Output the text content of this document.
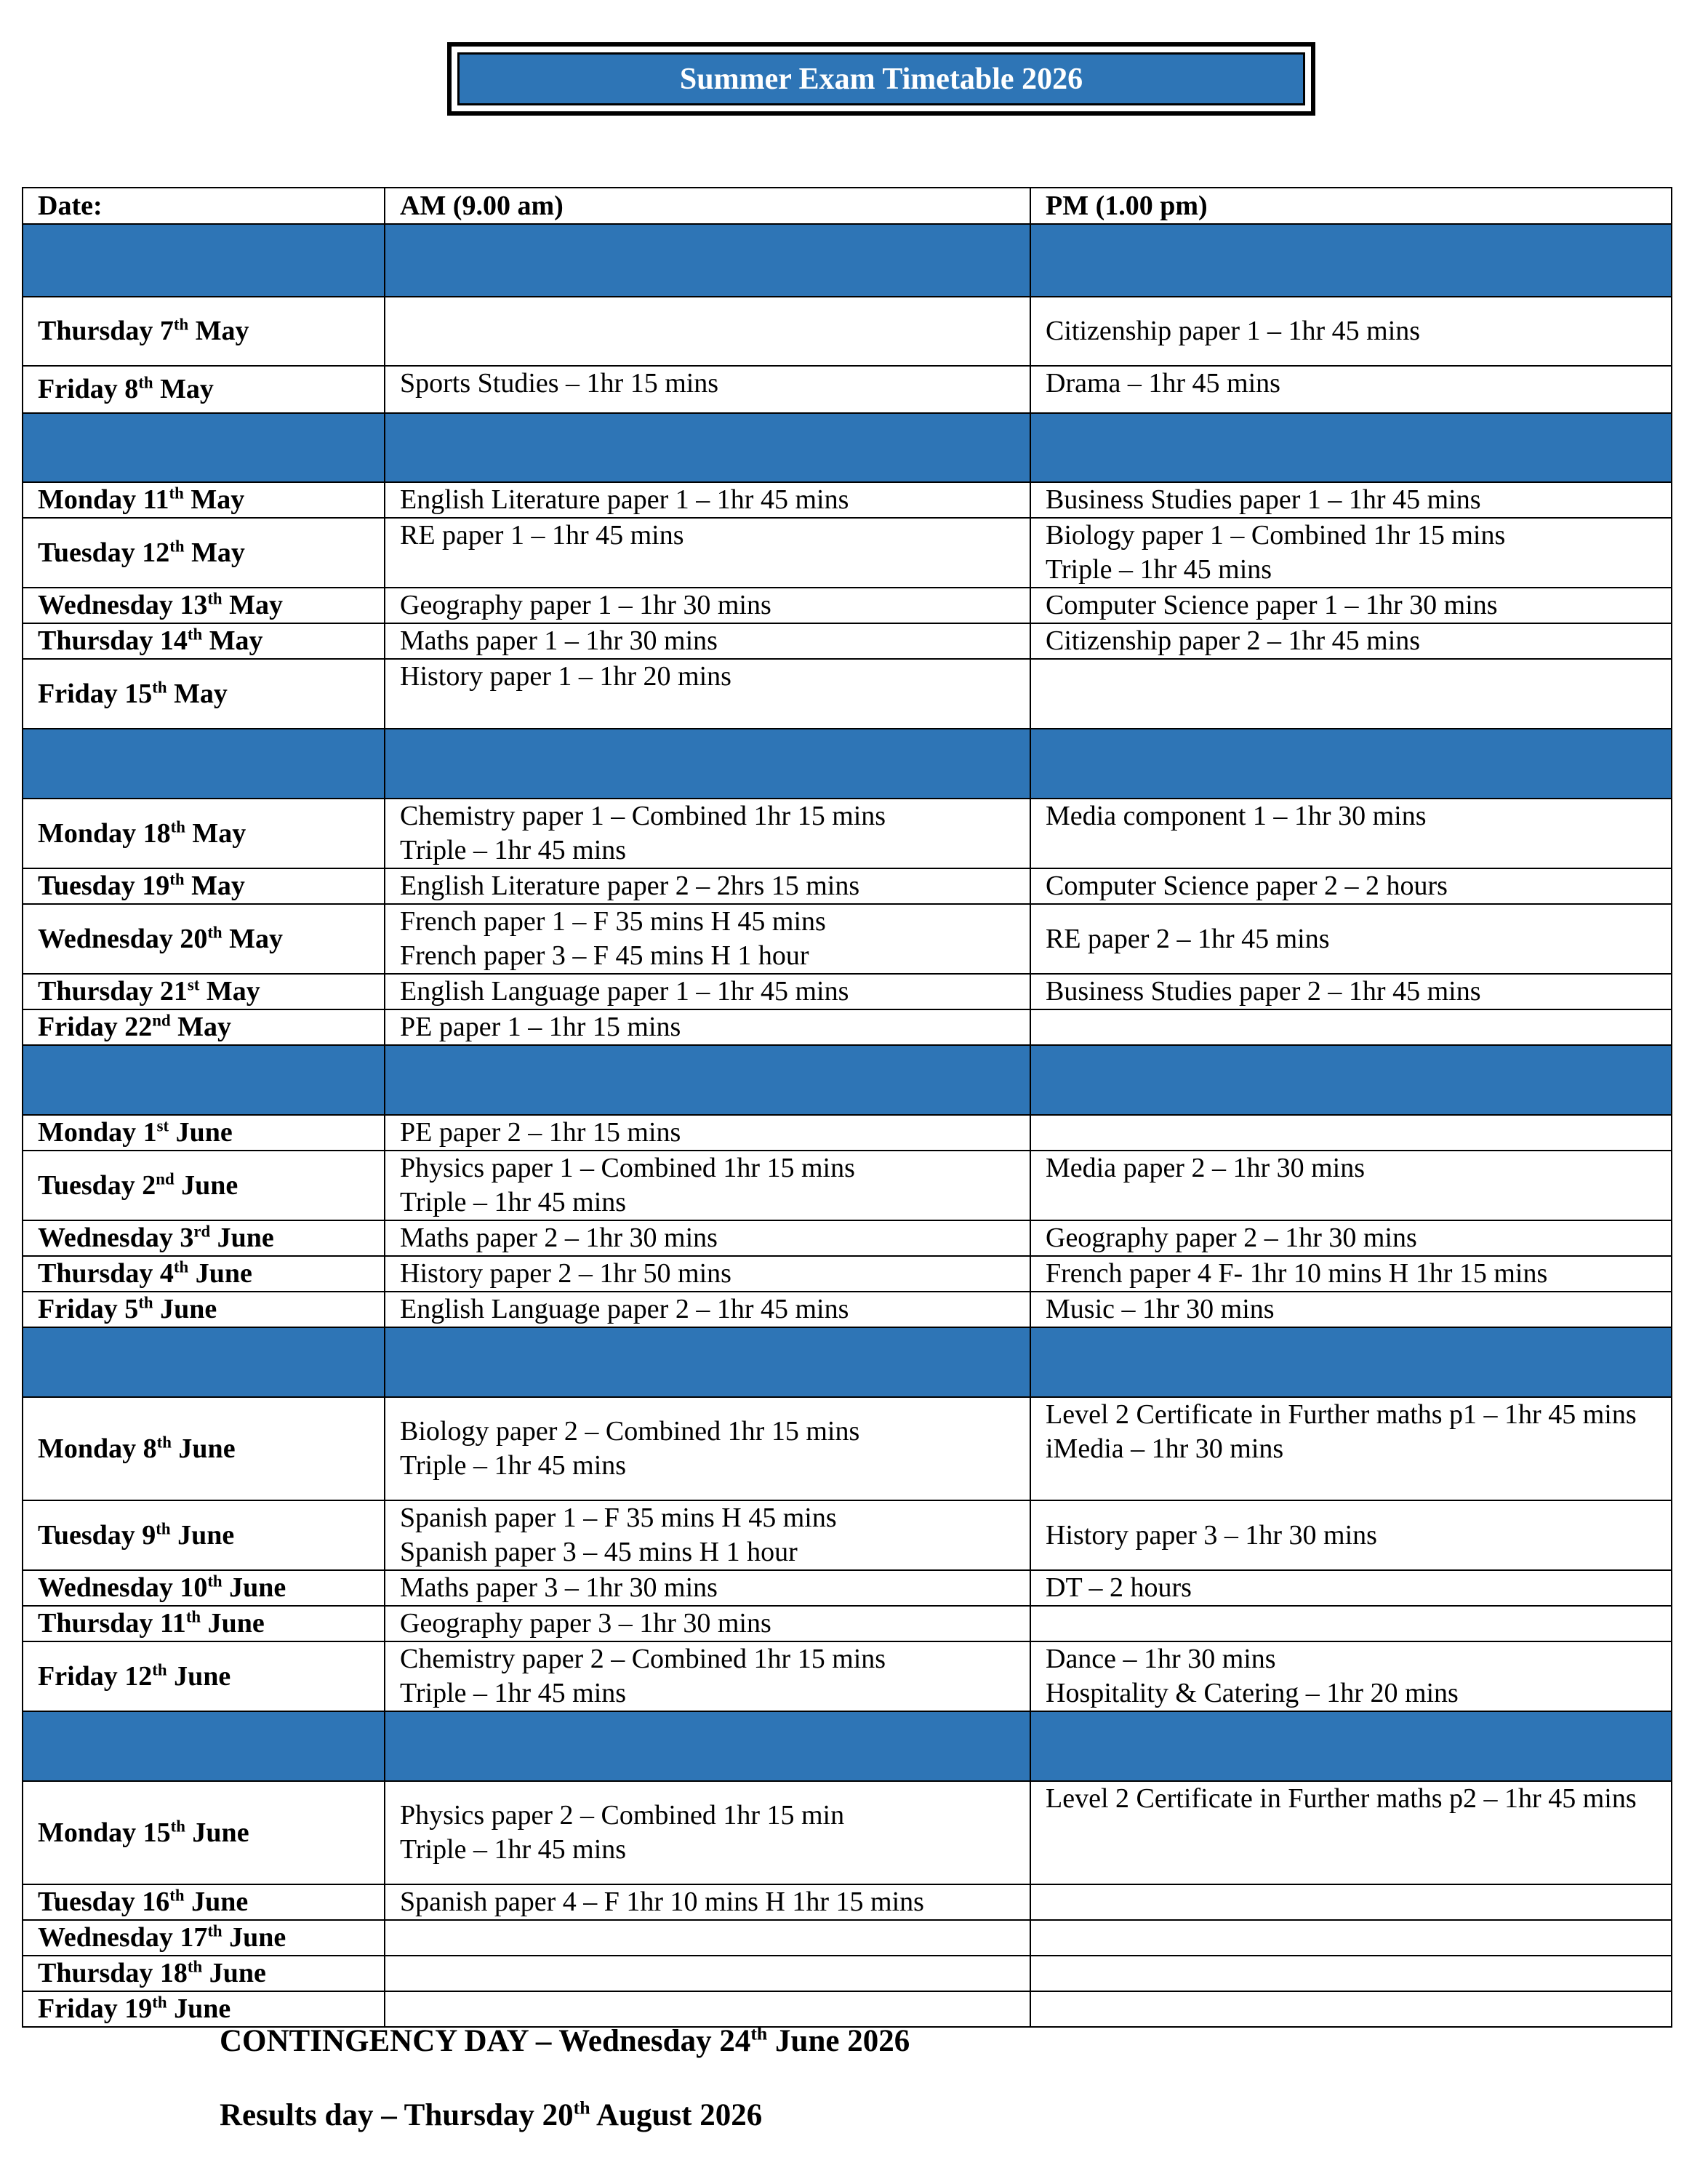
Summer Exam Timetable 2026
Date:	AM (9.00 am)	PM (1.00 pm)

Thursday 7th May		Citizenship paper 1 – 1hr 45 mins

Friday 8th May	Sports Studies – 1hr 15 mins	Drama – 1hr 45 mins

Monday 11th May	English Literature paper 1 – 1hr 45 mins	Business Studies paper 1 – 1hr 45 mins

Tuesday 12th May	RE paper 1 – 1hr 45 mins	Biology paper 1 – Combined 1hr 15 mins
Triple – 1hr 45 mins

Wednesday 13th May	Geography paper 1 – 1hr 30 mins	Computer Science paper 1 – 1hr 30 mins

Thursday 14th May	Maths paper 1 – 1hr 30 mins	Citizenship paper 2 – 1hr 45 mins

Friday 15th May	History paper 1 – 1hr 20 mins	

Monday 18th May	Chemistry paper 1 – Combined 1hr 15 mins
Triple – 1hr 45 mins	Media component 1 – 1hr 30 mins

Tuesday 19th May	English Literature paper 2 – 2hrs 15 mins	Computer Science paper 2 – 2 hours

Wednesday 20th May	French paper 1 – F 35 mins H 45 mins
French paper 3 – F 45 mins H 1 hour	RE paper 2 – 1hr 45 mins

Thursday 21st May	English Language paper 1 – 1hr 45 mins	Business Studies paper 2 – 1hr 45 mins

Friday 22nd May	PE paper 1 – 1hr 15 mins	

Monday 1st June	PE paper 2 – 1hr 15 mins	

Tuesday 2nd June	Physics paper 1 – Combined 1hr 15 mins
Triple – 1hr 45 mins	Media paper 2 – 1hr 30 mins

Wednesday 3rd June	Maths paper 2 – 1hr 30 mins	Geography paper 2 – 1hr 30 mins

Thursday 4th June	History paper 2 – 1hr 50 mins	French paper 4 F- 1hr 10 mins H 1hr 15 mins

Friday 5th June	English Language paper 2 – 1hr 45 mins	Music – 1hr 30 mins

Monday 8th June	Biology paper 2 – Combined 1hr 15 mins
Triple – 1hr 45 mins	Level 2 Certificate in Further maths p1 – 1hr 45 mins
iMedia – 1hr 30 mins

Tuesday 9th June	Spanish paper 1 – F 35 mins H 45 mins
Spanish paper 3 – 45 mins H 1 hour	History paper 3 – 1hr 30 mins

Wednesday 10th June	Maths paper 3 – 1hr 30 mins	DT – 2 hours

Thursday 11th June	Geography paper 3 – 1hr 30 mins	

Friday 12th June	Chemistry paper 2 – Combined 1hr 15 mins
Triple – 1hr 45 mins	Dance – 1hr 30 mins
Hospitality & Catering – 1hr 20 mins

Monday 15th June	Physics paper 2 – Combined 1hr 15 min
Triple – 1hr 45 mins	Level 2 Certificate in Further maths p2 – 1hr 45 mins

Tuesday 16th June	Spanish paper 4 – F 1hr 10 mins H 1hr 15 mins	

Wednesday 17th June		
Thursday 18th June		
Friday 19th June		
CONTINGENCY DAY – Wednesday 24th June 2026
Results day – Thursday 20th August 2026
